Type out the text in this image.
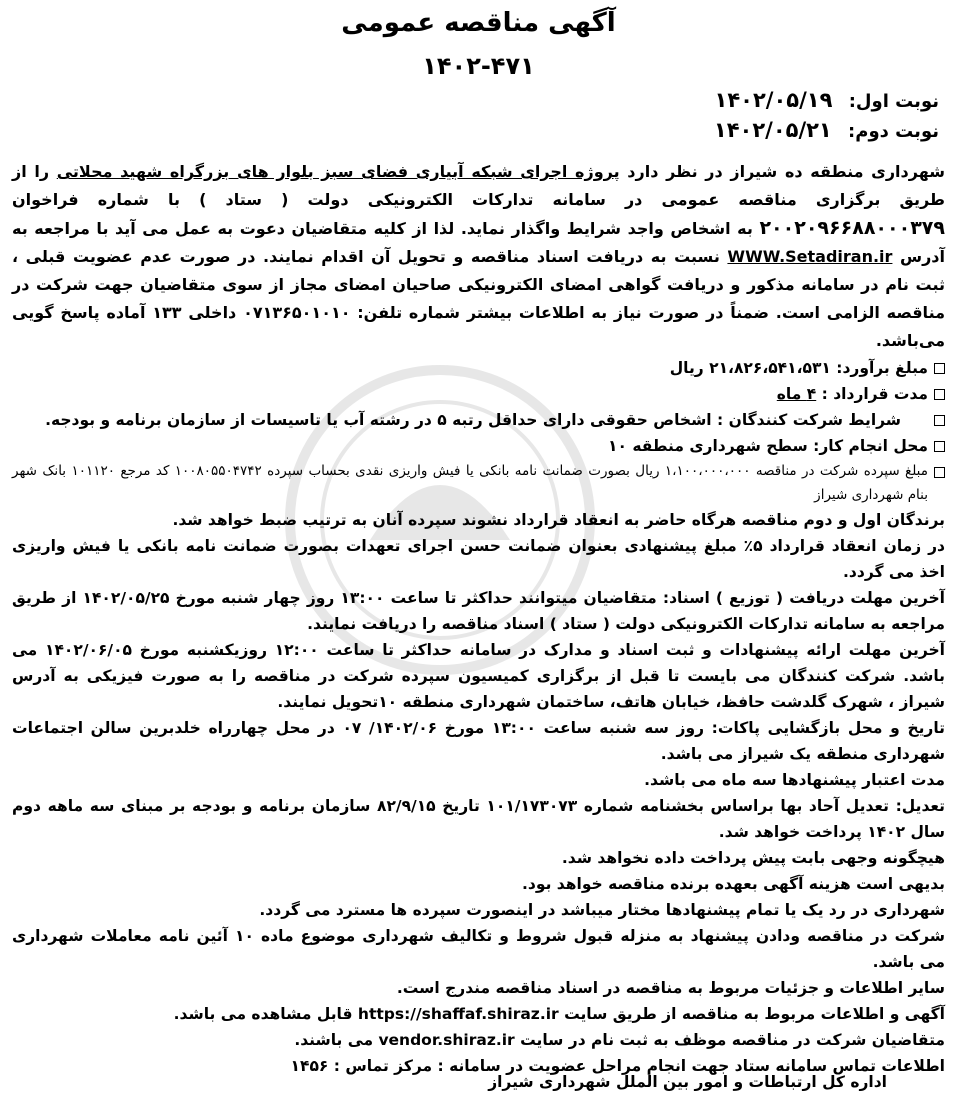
آگهی مناقصه عمومی
۱۴۰۲-۴۷۱
نوبت اول: ۱۴۰۲/۰۵/۱۹
نوبت دوم: ۱۴۰۲/۰۵/۲۱

شهرداری منطقه ده شیراز در نظر دارد پروژه اجرای شبکه آبیاری فضای سبز بلوار های بزرگراه شهید محلاتی را از طریق برگزاری مناقصه عمومی در سامانه تدارکات الکترونیکی دولت ( ستاد ) با شماره فراخوان ۲۰۰۲۰۹۶۶۸۸۰۰۰۳۷۹ به اشخاص واجد شرایط واگذار نماید. لذا از کلیه متقاضیان دعوت به عمل می آید با مراجعه به آدرس WWW.Setadiran.ir نسبت به دریافت اسناد مناقصه و تحویل آن اقدام نمایند. در صورت عدم عضویت قبلی ، ثبت نام در سامانه مذکور و دریافت گواهی امضای الکترونیکی صاحیان امضای مجاز از سوی متقاضیان جهت شرکت در مناقصه الزامی است. ضمناً در صورت نیاز به اطلاعات بیشتر شماره تلفن: ۰۷۱۳۶۵۰۱۰۱۰ داخلی ۱۳۳ آماده پاسخ گویی می‌باشد.

مبلغ برآورد: ۲۱،۸۲۶،۵۴۱،۵۳۱ ریال

مدت قرارداد :

۴ ماه

شرایط شرکت کنندگان : اشخاص حقوقی دارای حداقل رتبه ۵ در رشته آب یا تاسیسات از سازمان برنامه و بودجه.

محل انجام کار: سطح شهرداری منطقه ۱۰

مبلغ سپرده شرکت در مناقصه ۱،۱۰۰،۰۰۰،۰۰۰ ریال بصورت ضمانت نامه بانکی یا فیش واریزی نقدی بحساب سپرده ۱۰۰۸۰۵۵۰۴۷۴۲ کد مرجع ۱۰۱۱۲۰ بانک شهر بنام شهرداری شیراز

برندگان اول و دوم مناقصه هرگاه حاضر به انعقاد قرارداد نشوند سپرده آنان به ترتیب ضبط خواهد شد.

در زمان انعقاد قرارداد ۵٪ مبلغ پیشنهادی بعنوان ضمانت حسن اجرای تعهدات بصورت ضمانت نامه بانکی یا فیش واریزی اخذ می گردد.

آخرین مهلت دریافت ( توزیع ) اسناد: متقاضیان میتوانند حداکثر تا ساعت ۱۳:۰۰ روز چهار شنبه مورخ ۱۴۰۲/۰۵/۲۵ از طریق مراجعه به سامانه تدارکات الکترونیکی دولت ( ستاد ) اسناد مناقصه را دریافت نمایند.

آخرین مهلت ارائه پیشنهادات و ثبت اسناد و مدارک در سامانه حداکثر تا ساعت ۱۲:۰۰ روزیکشنبه مورخ ۱۴۰۲/۰۶/۰۵ می باشد. شرکت کنندگان می بایست تا قبل از برگزاری کمیسیون سپرده شرکت در مناقصه را به صورت فیزیکی به آدرس شیراز ، شهرک گلدشت حافظ، خیابان هاتف، ساختمان شهرداری منطقه ۱۰تحویل نمایند.

تاریخ و محل بازگشایی پاکات: روز سه شنبه ساعت ۱۳:۰۰ مورخ ۱۴۰۲/۰۶/ ۰۷ در محل چهارراه خلدبرین سالن اجتماعات شهرداری منطقه یک شیراز می باشد.

مدت اعتبار پیشنهادها سه ماه می باشد.

تعدیل: تعدیل آحاد بها براساس بخشنامه شماره ۱۰۱/۱۷۳۰۷۳ تاریخ ۸۲/۹/۱۵ سازمان برنامه و بودجه بر مبنای سه ماهه دوم سال ۱۴۰۲ پرداخت خواهد شد.

هیچگونه وجهی بابت پیش پرداخت داده نخواهد شد.

بدیهی است هزینه آگهی بعهده برنده مناقصه خواهد بود.

شهرداری در رد یک یا تمام پیشنهادها مختار میباشد در اینصورت سپرده ها مسترد می گردد.

شرکت در مناقصه ودادن پیشنهاد به منزله قبول شروط و تکالیف شهرداری موضوع ماده ۱۰ آئین نامه معاملات شهرداری می باشد.

سایر اطلاعات و جزئیات مربوط به مناقصه در اسناد مناقصه مندرج است.

آگهی و اطلاعات مربوط به مناقصه از طریق سایت https://shaffaf.shiraz.ir قابل مشاهده می باشد.

متقاضیان شرکت در مناقصه موظف به ثبت نام در سایت vendor.shiraz.ir می باشند.

اطلاعات تماس سامانه ستاد جهت انجام مراحل عضویت در سامانه : مرکز تماس : ۱۴۵۶

اداره کل ارتباطات و امور بین الملل شهرداری شیراز
